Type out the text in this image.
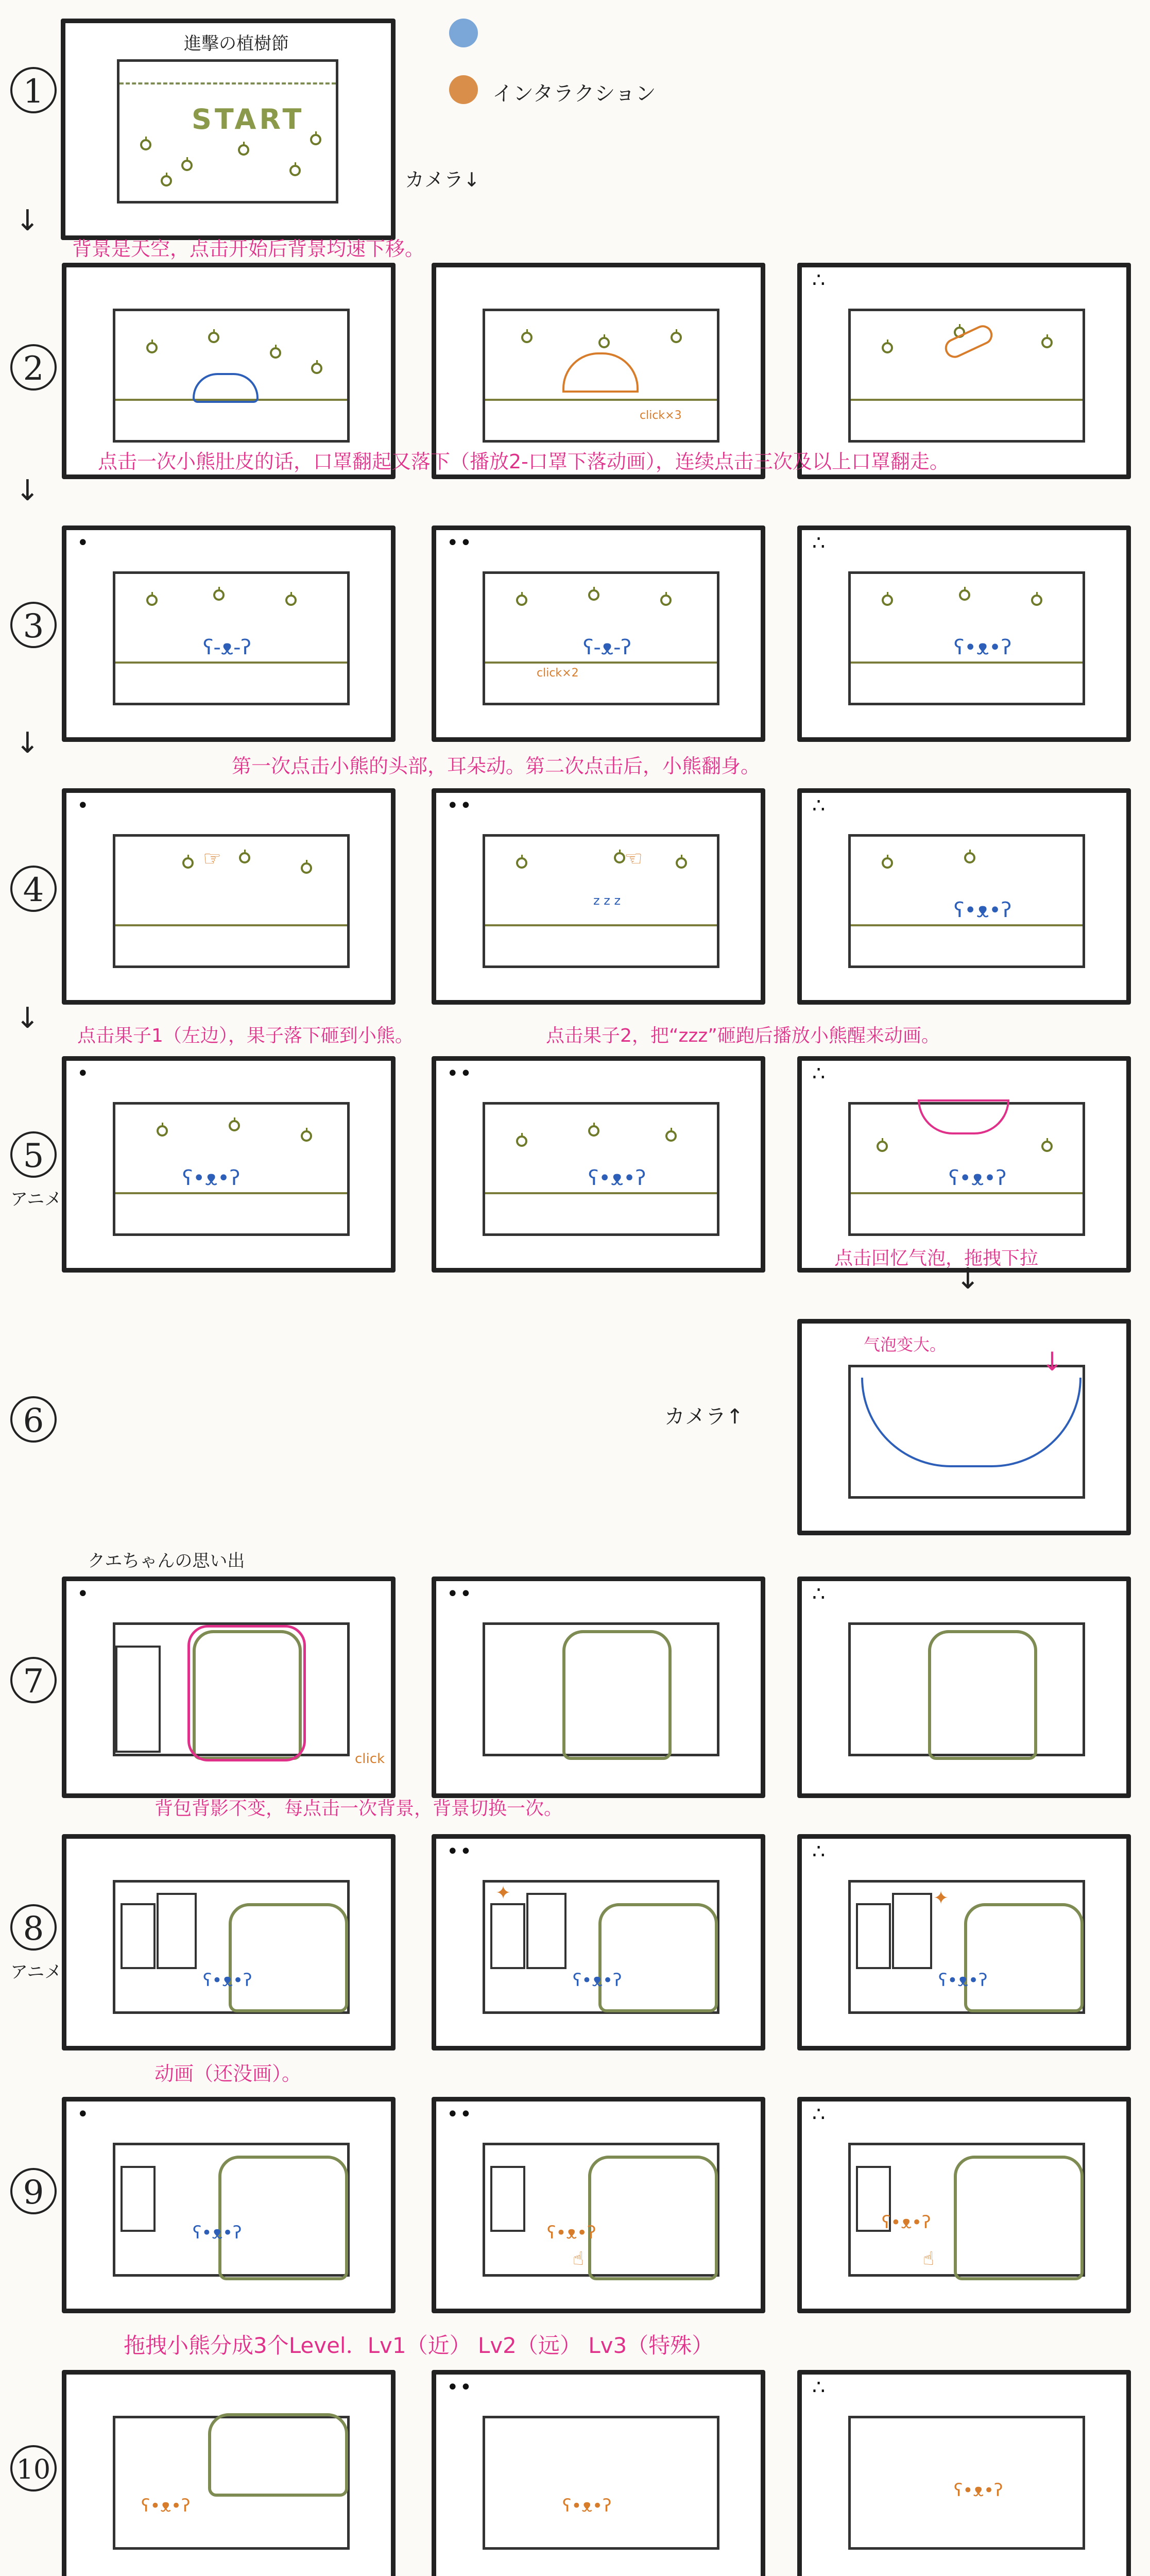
1
進擊の植樹節
START
インタラクション
カメラ↓
↓
背景是天空，点击开始后背景均速下移。
2
click×3
∴
↓
点击一次小熊肚皮的话，口罩翻起又落下（播放2-口罩下落动画），连续点击三次及以上口罩翻走。
3
•
ʕ-ᴥ-ʔ
••
ʕ-ᴥ-ʔ
click×2
∴
ʕ•ᴥ•ʔ
↓
第一次点击小熊的头部，耳朵动。第二次点击后，小熊翻身。
4
•
☞
••
☜
z z z
∴
ʕ•ᴥ•ʔ
↓
点击果子1（左边），果子落下砸到小熊。	点击果子2，把“zzz”砸跑后播放小熊醒来动画。
5
アニメ
•
ʕ•ᴥ•ʔ
••
ʕ•ᴥ•ʔ
∴
ʕ•ᴥ•ʔ
↓
点击回忆气泡，拖拽下拉
6	カメラ↑
气泡变大。
↓
クエちゃんの思い出
7
•
click
••	∴
背包背影不变，每点击一次背景，背景切换一次。
8
アニメ	ʕ•ᴥ•ʔ
••
✦
ʕ•ᴥ•ʔ
∴
✦
ʕ•ᴥ•ʔ
动画（还没画）。
9
•
ʕ•ᴥ•ʔ
••
ʕ•ᴥ•ʔ
☝
∴
ʕ•ᴥ•ʔ
☝
拖拽小熊分成3个Level．Lv1（近） Lv2（远） Lv3（特殊）
10
ʕ•ᴥ•ʔ
••
ʕ•ᴥ•ʔ
∴
ʕ•ᴥ•ʔ
